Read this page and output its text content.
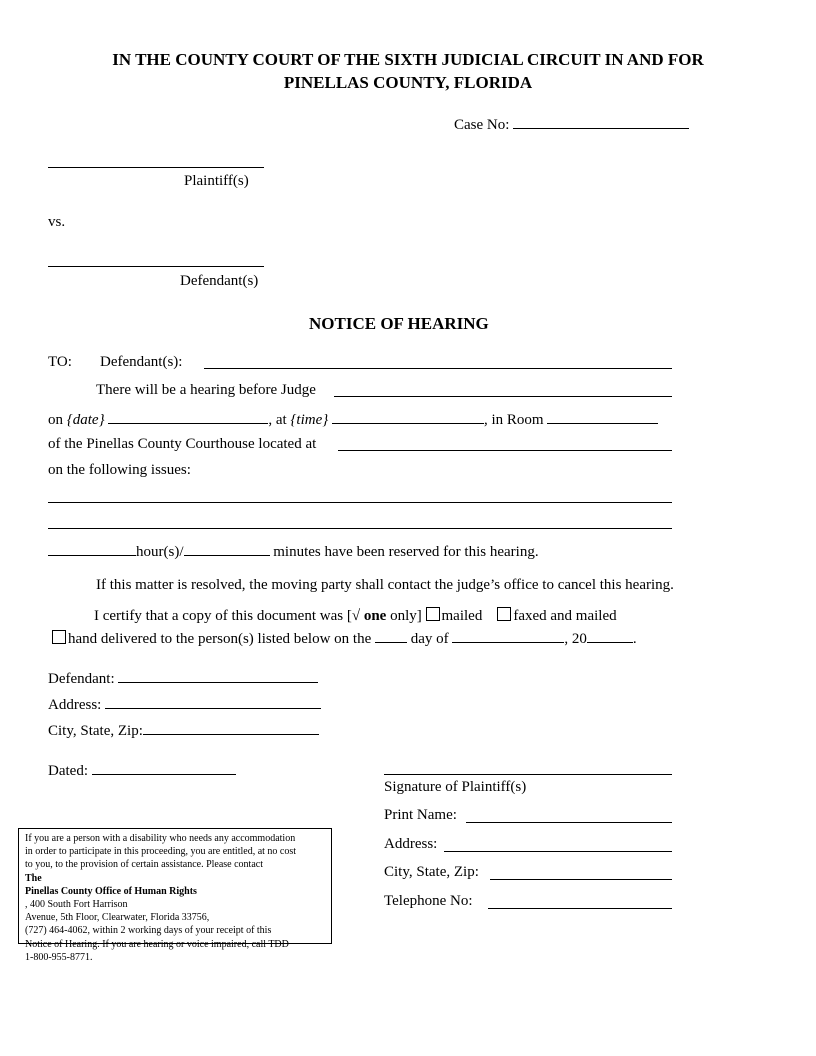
IN THE COUNTY COURT OF THE SIXTH JUDICIAL CIRCUIT IN AND FOR
PINELLAS COUNTY, FLORIDA
Case No:
Plaintiff(s)
vs.
Defendant(s)
NOTICE OF HEARING
TO: Defendant(s):
There will be a hearing before Judge
on {date}	, at {time}	, in Room
of the Pinellas County Courthouse located at
on the following issues:
hour(s)/	minutes have been reserved for this hearing.
If this matter is resolved, the moving party shall contact the judge’s office to cancel this hearing.
I certify that a copy of this document was [√ one only] mailed faxed and mailed
hand delivered to the person(s) listed below on the	day of	, 20	.
Defendant:
Address:
City, State, Zip:
Dated:
Signature of Plaintiff(s)
Print Name:
Address:
City, State, Zip:
Telephone No:
If you are a person with a disability who needs any accommodation
in order to participate in this proceeding, you are entitled, at no cost
to you, to the provision of certain assistance. Please contact
The
Pinellas County Office of Human Rights
, 400 South Fort Harrison
Avenue, 5th Floor, Clearwater, Florida 33756,
(727) 464-4062, within 2 working days of your receipt of this
Notice of Hearing. If you are hearing or voice impaired, call TDD
1-800-955-8771.
